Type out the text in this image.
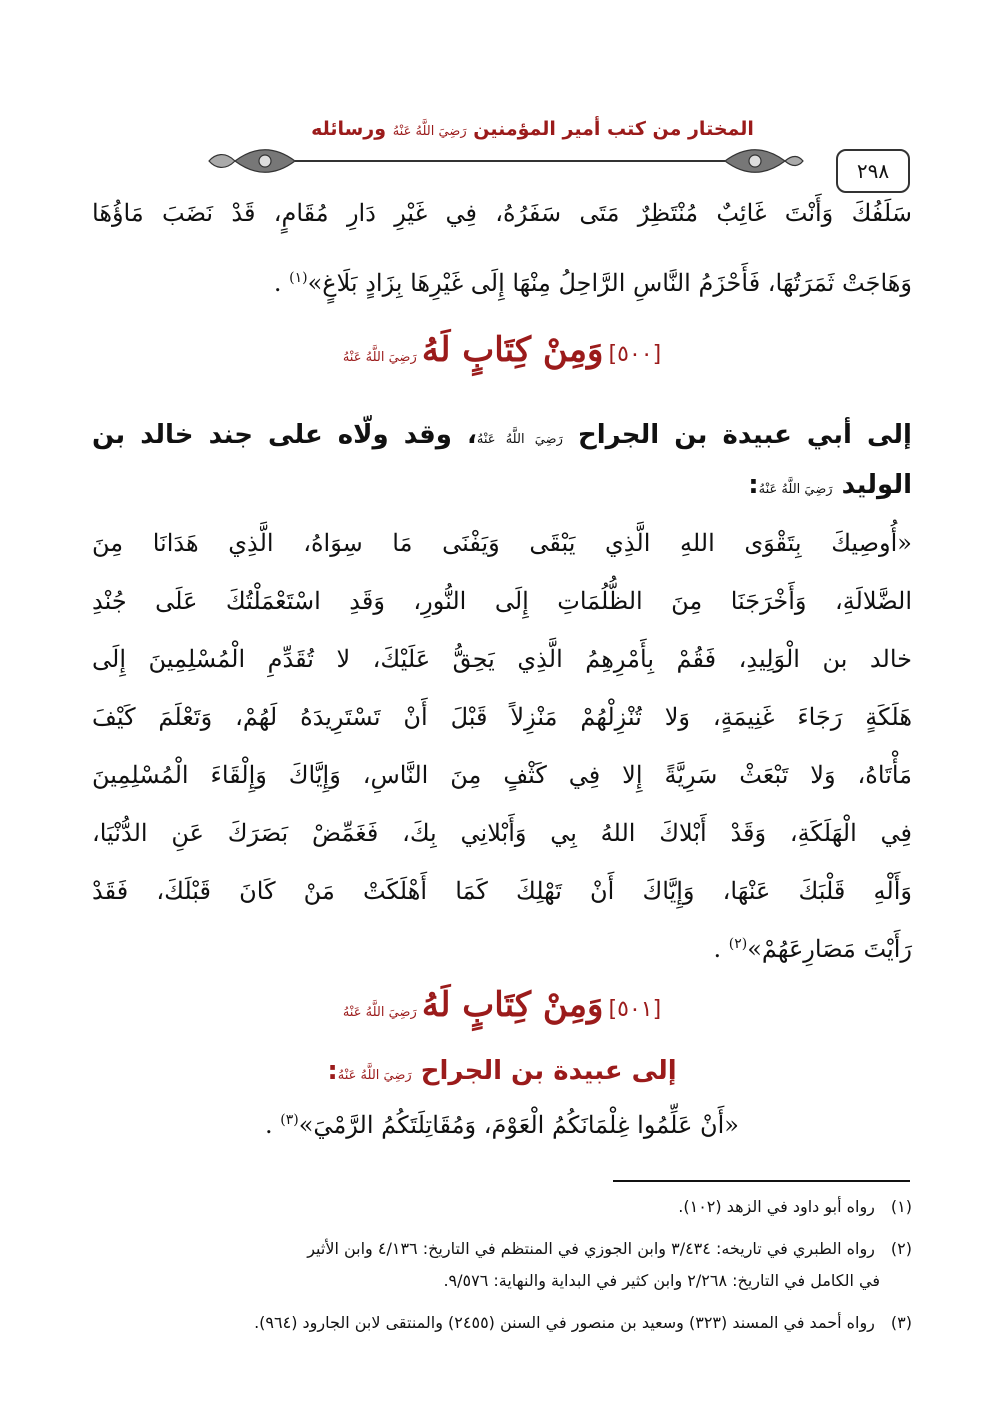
المختار من كتب أمير المؤمنين رَضِيَ اللَّهُ عَنْهُ ورسائله
٢٩٨
سَلَفُكَ وَأَنْتَ غَائِبٌ مُنْتَظِرٌ مَتَى سَفَرُهُ، فِي غَيْرِ دَارِ مُقَامٍ، قَدْ نَضَبَ مَاؤُهَا
وَهَاجَتْ ثَمَرَتُهَا، فَأَحْزَمُ النَّاسِ الرَّاحِلُ مِنْهَا إِلَى غَيْرِهَا بِزَادٍ بَلَاغٍ»$^{(١)}$ .
[٥٠٠] وَمِنْ كِتَابٍ لَهُ رَضِيَ اللَّهُ عَنْهُ
إلى أبي عبيدة بن الجراح رَضِيَ اللَّهُ عَنْهُ، وقد ولّاه على جند خالد بن
الوليد رَضِيَ اللَّهُ عَنْهُ:
«أُوصِيكَ بِتَقْوَى اللهِ الَّذِي يَبْقَى وَيَفْنَى مَا سِوَاهُ، الَّذِي هَدَانَا مِنَ
الضَّلالَةِ، وَأَخْرَجَنَا مِنَ الظُّلُمَاتِ إِلَى النُّورِ، وَقَدِ اسْتَعْمَلْتُكَ عَلَى جُنْدِ
خالد بن الْوَلِيدِ، فَقُمْ بِأَمْرِهِمُ الَّذِي يَحِقُّ عَلَيْكَ، لا تُقَدِّمِ الْمُسْلِمِينَ إِلَى
هَلَكَةٍ رَجَاءَ غَنِيمَةٍ، وَلا تُنْزِلْهُمْ مَنْزِلاً قَبْلَ أَنْ تَسْتَرِيدَهُ لَهُمْ، وَتَعْلَمَ كَيْفَ
مَأْتَاهُ، وَلا تَبْعَثْ سَرِيَّةً إِلا فِي كَثْفٍ مِنَ النَّاسِ، وَإِيَّاكَ وَإِلْقَاءَ الْمُسْلِمِينَ
فِي الْهَلَكَةِ، وَقَدْ أَبْلاكَ اللهُ بِي وَأَبْلانِي بِكَ، فَغَمِّضْ بَصَرَكَ عَنِ الدُّنْيَا،
وَأَلْهِ قَلْبَكَ عَنْهَا، وَإِيَّاكَ أَنْ تَهْلِكَ كَمَا أَهْلَكَتْ مَنْ كَانَ قَبْلَكَ، فَقَدْ
رَأَيْتَ مَصَارِعَهُمْ»$^{(٢)}$ .
[٥٠١] وَمِنْ كِتَابٍ لَهُ رَضِيَ اللَّهُ عَنْهُ
إلى عبيدة بن الجراح رَضِيَ اللَّهُ عَنْهُ:
«أَنْ عَلِّمُوا غِلْمَانَكُمُ الْعَوْمَ، وَمُقَاتِلَتَكُمُ الرَّمْيَ»$^{(٣)}$ .
(١) رواه أبو داود في الزهد (١٠٢).
(٢) رواه الطبري في تاريخه: ٣/٤٣٤ وابن الجوزي في المنتظم في التاريخ: ٤/١٣٦ وابن الأثير
في الكامل في التاريخ: ٢/٢٦٨ وابن كثير في البداية والنهاية: ٩/٥٧٦.
(٣) رواه أحمد في المسند (٣٢٣) وسعيد بن منصور في السنن (٢٤٥٥) والمنتقى لابن الجارود (٩٦٤).
